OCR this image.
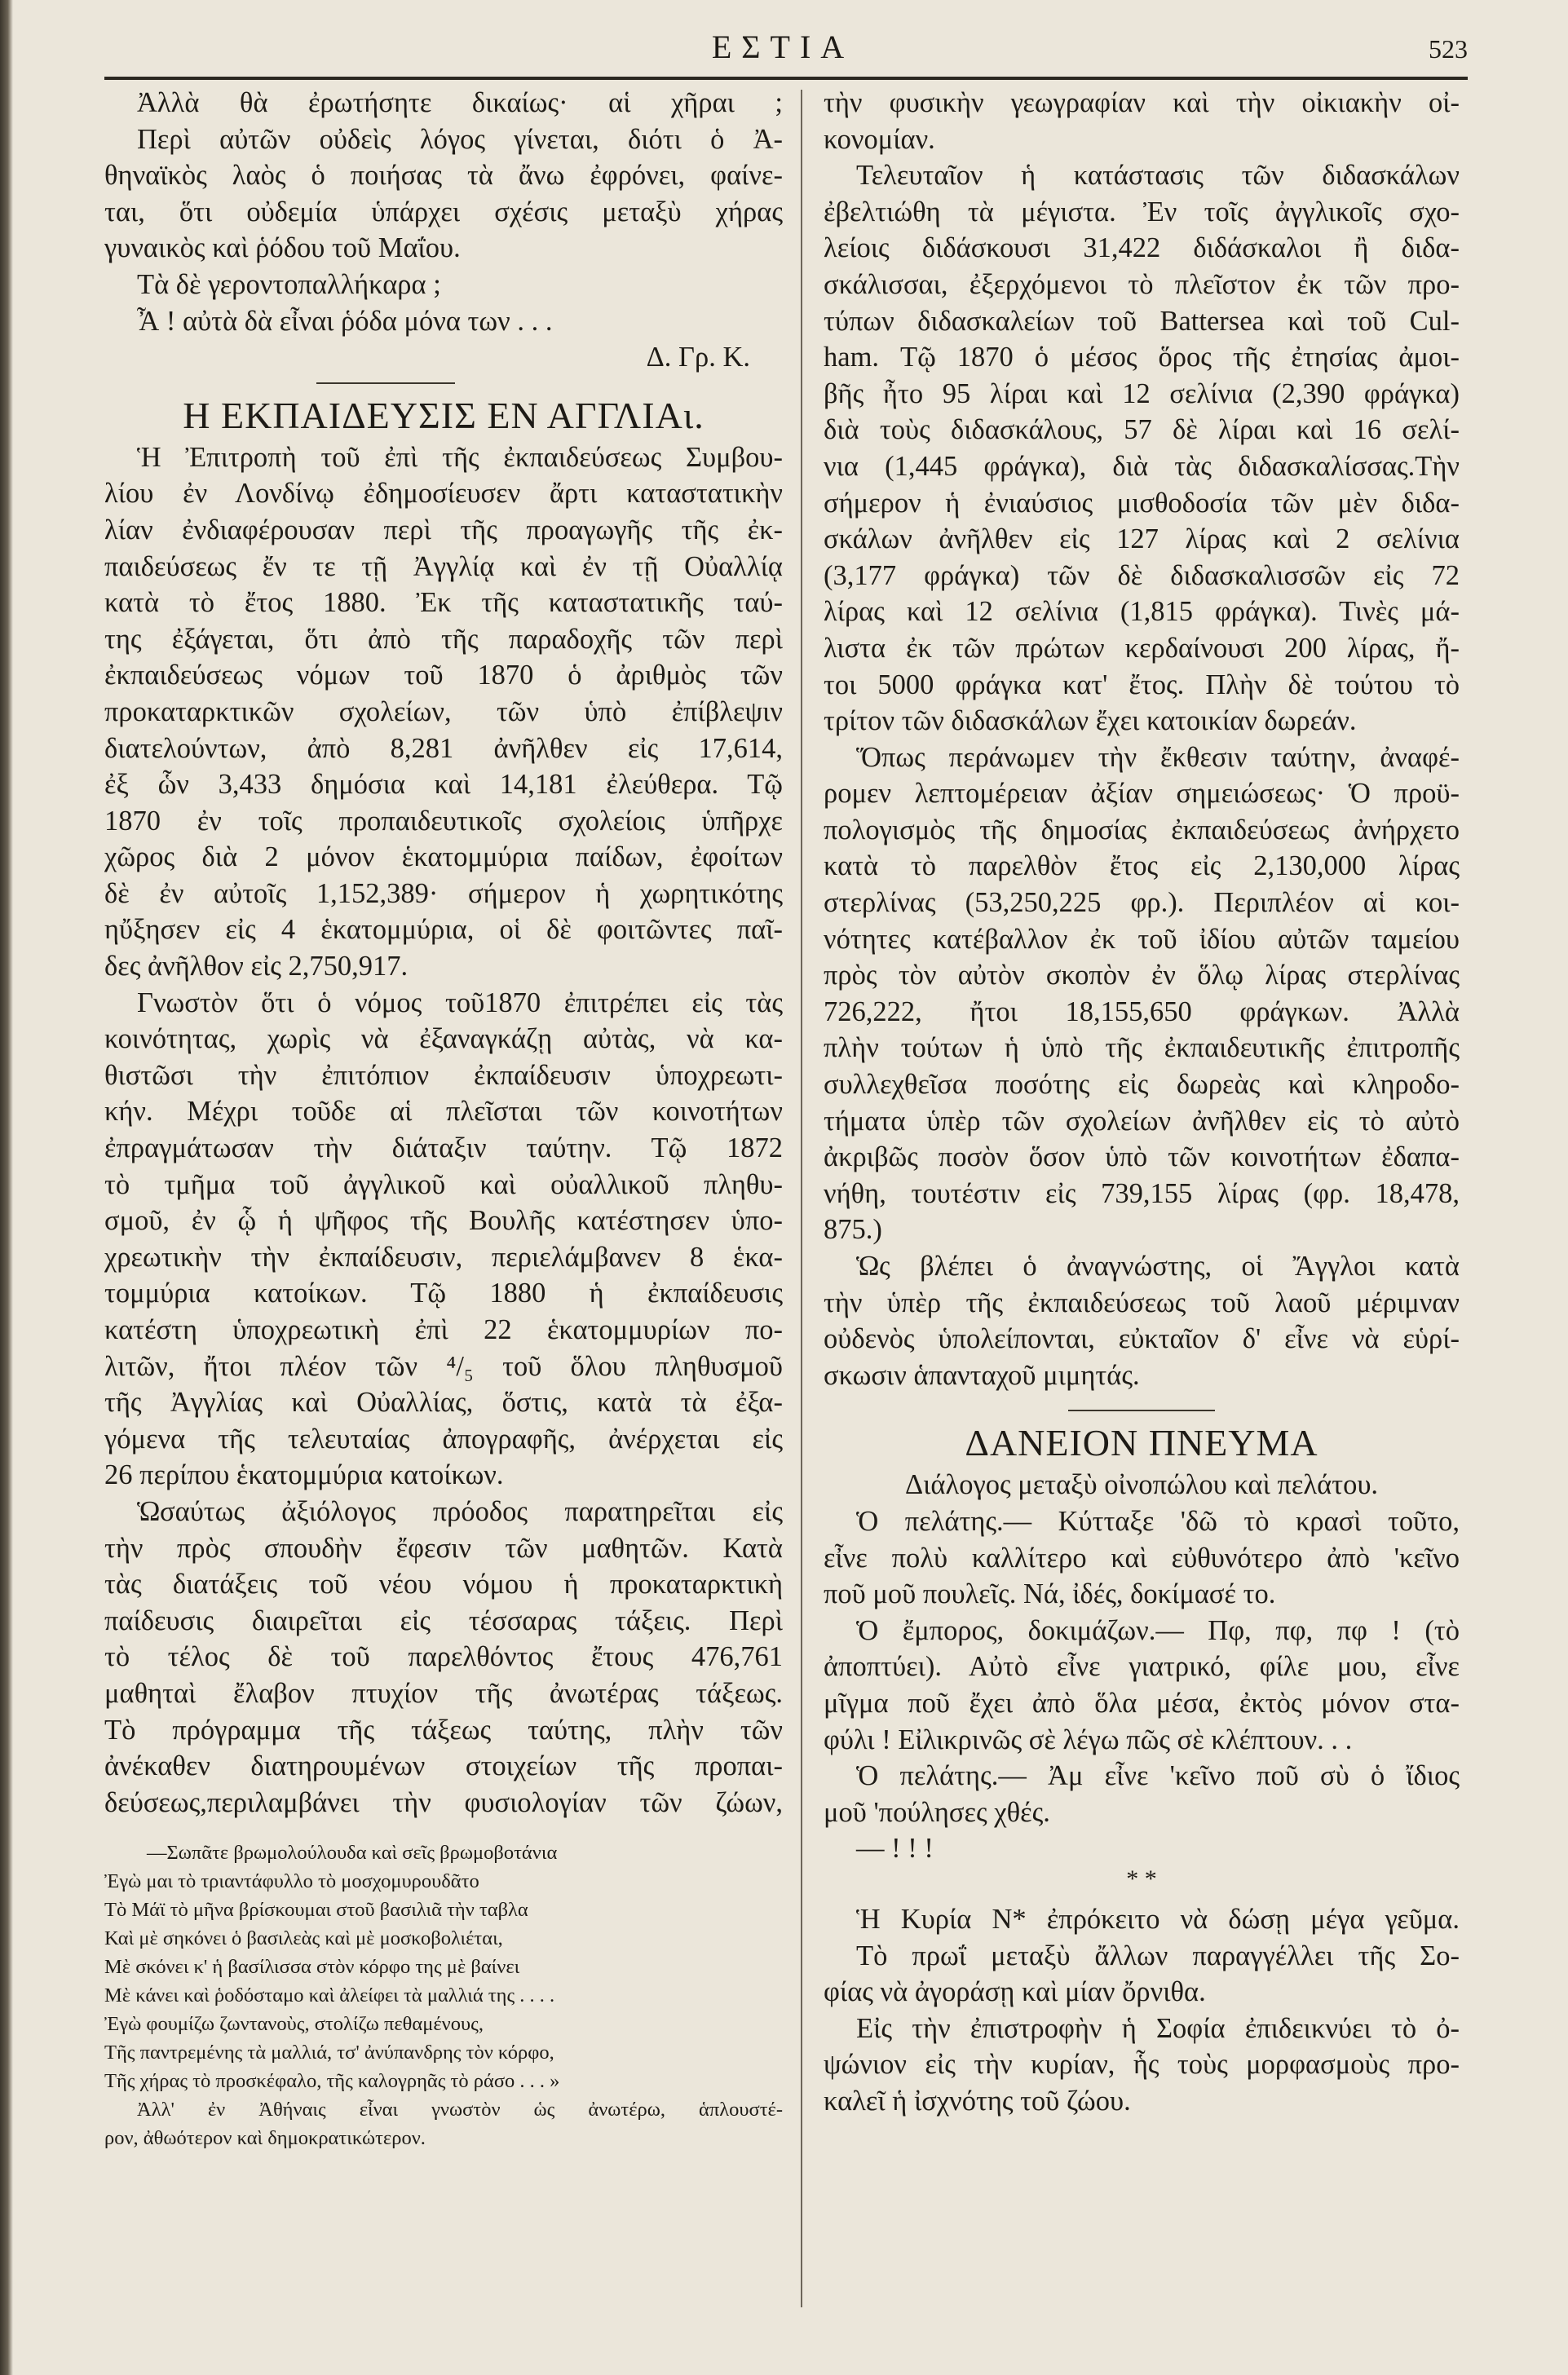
ΕΣΤΙΑ	523
Ἀλλὰ θὰ ἐρωτήσητε δικαίως· αἱ χῆραι ;
Περὶ αὐτῶν οὐδεὶς λόγος γίνεται, διότι ὁ Ἀ-
θηναϊκὸς λαὸς ὁ ποιήσας τὰ ἄνω ἐφρόνει, φαίνε-
ται, ὅτι οὐδεμία ὑπάρχει σχέσις μεταξὺ χήρας
γυναικὸς καὶ ῥόδου τοῦ Μαΐου.
Τὰ δὲ γεροντοπαλλήκαρα ;
Ἆ ! αὐτὰ δὰ εἶναι ῥόδα μόνα των . . .
Δ. Γρ. Κ.
Η ΕΚΠΑΙΔΕΥΣΙΣ ΕΝ ΑΓΓΛΙΑι.
Ἡ Ἐπιτροπὴ τοῦ ἐπὶ τῆς ἐκπαιδεύσεως Συμβου-
λίου ἐν Λονδίνῳ ἐδημοσίευσεν ἄρτι καταστατικὴν
λίαν ἐνδιαφέρουσαν περὶ τῆς προαγωγῆς τῆς ἐκ-
παιδεύσεως ἔν τε τῇ Ἀγγλίᾳ καὶ ἐν τῇ Οὐαλλίᾳ
κατὰ τὸ ἔτος 1880. Ἐκ τῆς καταστατικῆς ταύ-
της ἐξάγεται, ὅτι ἀπὸ τῆς παραδοχῆς τῶν περὶ
ἐκπαιδεύσεως νόμων τοῦ 1870 ὁ ἀριθμὸς τῶν
προκαταρκτικῶν σχολείων, τῶν ὑπὸ ἐπίβλεψιν
διατελούντων, ἀπὸ 8,281 ἀνῆλθεν εἰς 17,614,
ἐξ ὧν 3,433 δημόσια καὶ 14,181 ἐλεύθερα. Τῷ
1870 ἐν τοῖς προπαιδευτικοῖς σχολείοις ὑπῆρχε
χῶρος διὰ 2 μόνον ἑκατομμύρια παίδων, ἐφοίτων
δὲ ἐν αὐτοῖς 1,152,389· σήμερον ἡ χωρητικότης
ηὔξησεν εἰς 4 ἑκατομμύρια, οἱ δὲ φοιτῶντες παῖ-
δες ἀνῆλθον εἰς 2,750,917.
Γνωστὸν ὅτι ὁ νόμος τοῦ1870 ἐπιτρέπει εἰς τὰς
κοινότητας, χωρὶς νὰ ἐξαναγκάζῃ αὐτὰς, νὰ κα-
θιστῶσι τὴν ἐπιτόπιον ἐκπαίδευσιν ὑποχρεωτι-
κήν. Μέχρι τοῦδε αἱ πλεῖσται τῶν κοινοτήτων
ἐπραγμάτωσαν τὴν διάταξιν ταύτην. Τῷ 1872
τὸ τμῆμα τοῦ ἀγγλικοῦ καὶ οὐαλλικοῦ πληθυ-
σμοῦ, ἐν ᾧ ἡ ψῆφος τῆς Βουλῆς κατέστησεν ὑπο-
χρεωτικὴν τὴν ἐκπαίδευσιν, περιελάμβανεν 8 ἑκα-
τομμύρια κατοίκων. Τῷ 1880 ἡ ἐκπαίδευσις
κατέστη ὑποχρεωτικὴ ἐπὶ 22 ἑκατομμυρίων πο-
λιτῶν, ἤτοι πλέον τῶν ⁴/₅ τοῦ ὅλου πληθυσμοῦ
τῆς Ἀγγλίας καὶ Οὐαλλίας, ὅστις, κατὰ τὰ ἐξα-
γόμενα τῆς τελευταίας ἀπογραφῆς, ἀνέρχεται εἰς
26 περίπου ἑκατομμύρια κατοίκων.
Ὡσαύτως ἀξιόλογος πρόοδος παρατηρεῖται εἰς
τὴν πρὸς σπουδὴν ἔφεσιν τῶν μαθητῶν. Κατὰ
τὰς διατάξεις τοῦ νέου νόμου ἡ προκαταρκτικὴ
παίδευσις διαιρεῖται εἰς τέσσαρας τάξεις. Περὶ
τὸ τέλος δὲ τοῦ παρελθόντος ἔτους 476,761
μαθηταὶ ἔλαβον πτυχίον τῆς ἀνωτέρας τάξεως.
Τὸ πρόγραμμα τῆς τάξεως ταύτης, πλὴν τῶν
ἀνέκαθεν διατηρουμένων στοιχείων τῆς προπαι-
δεύσεως,περιλαμβάνει τὴν φυσιολογίαν τῶν ζώων,
—Σωπᾶτε βρωμολούλουδα καὶ σεῖς βρωμοβοτάνια
Ἐγὼ μαι τὸ τριαντάφυλλο τὸ μοσχομυρουδᾶτο
Τὸ Μάϊ τὸ μῆνα βρίσκουμαι στοῦ βασιλιᾶ τὴν ταβλα
Καὶ μὲ σηκόνει ὁ βασιλεὰς καὶ μὲ μοσκοβολιέται,
Μὲ σκόνει κ' ἡ βασίλισσα στὸν κόρφο της μὲ βαίνει
Μὲ κάνει καὶ ῥοδόσταμο καὶ ἀλείφει τὰ μαλλιά της . . . .
Ἐγὼ φουμίζω ζωντανοὺς, στολίζω πεθαμένους,
Τῆς παντρεμένης τὰ μαλλιά, τσ' ἀνύπανδρης τὸν κόρφο,
Τῆς χήρας τὸ προσκέφαλο, τῆς καλογρηᾶς τὸ ράσο . . . »
Ἀλλ' ἐν Ἀθήναις εἶναι γνωστὸν ὡς ἀνωτέρω, ἁπλουστέ-
ρον, ἀθωότερον καὶ δημοκρατικώτερον.
τὴν φυσικὴν γεωγραφίαν καὶ τὴν οἰκιακὴν οἰ-
κονομίαν.
Τελευταῖον ἡ κατάστασις τῶν διδασκάλων
ἐβελτιώθη τὰ μέγιστα. Ἐν τοῖς ἀγγλικοῖς σχο-
λείοις διδάσκουσι 31,422 διδάσκαλοι ἢ διδα-
σκάλισσαι, ἐξερχόμενοι τὸ πλεῖστον ἐκ τῶν προ-
τύπων διδασκαλείων τοῦ Battersea καὶ τοῦ Cul-
ham. Τῷ 1870 ὁ μέσος ὅρος τῆς ἐτησίας ἀμοι-
βῆς ἦτο 95 λίραι καὶ 12 σελίνια (2,390 φράγκα)
διὰ τοὺς διδασκάλους, 57 δὲ λίραι καὶ 16 σελί-
νια (1,445 φράγκα), διὰ τὰς διδασκαλίσσας.Τὴν
σήμερον ἡ ἐνιαύσιος μισθοδοσία τῶν μὲν διδα-
σκάλων ἀνῆλθεν εἰς 127 λίρας καὶ 2 σελίνια
(3,177 φράγκα) τῶν δὲ διδασκαλισσῶν εἰς 72
λίρας καὶ 12 σελίνια (1,815 φράγκα). Τινὲς μά-
λιστα ἐκ τῶν πρώτων κερδαίνουσι 200 λίρας, ἤ-
τοι 5000 φράγκα κατ' ἔτος. Πλὴν δὲ τούτου τὸ
τρίτον τῶν διδασκάλων ἔχει κατοικίαν δωρεάν.
Ὅπως περάνωμεν τὴν ἔκθεσιν ταύτην, ἀναφέ-
ρομεν λεπτομέρειαν ἀξίαν σημειώσεως· Ὁ προϋ-
πολογισμὸς τῆς δημοσίας ἐκπαιδεύσεως ἀνήρχετο
κατὰ τὸ παρελθὸν ἔτος εἰς 2,130,000 λίρας
στερλίνας (53,250,225 φρ.). Περιπλέον αἱ κοι-
νότητες κατέβαλλον ἐκ τοῦ ἰδίου αὐτῶν ταμείου
πρὸς τὸν αὐτὸν σκοπὸν ἐν ὅλῳ λίρας στερλίνας
726,222, ἤτοι 18,155,650 φράγκων. Ἀλλὰ
πλὴν τούτων ἡ ὑπὸ τῆς ἐκπαιδευτικῆς ἐπιτροπῆς
συλλεχθεῖσα ποσότης εἰς δωρεὰς καὶ κληροδο-
τήματα ὑπὲρ τῶν σχολείων ἀνῆλθεν εἰς τὸ αὐτὸ
ἀκριβῶς ποσὸν ὅσον ὑπὸ τῶν κοινοτήτων ἐδαπα-
νήθη, τουτέστιν εἰς 739,155 λίρας (φρ. 18,478,
875.)
Ὡς βλέπει ὁ ἀναγνώστης, οἱ Ἄγγλοι κατὰ
τὴν ὑπὲρ τῆς ἐκπαιδεύσεως τοῦ λαοῦ μέριμναν
οὐδενὸς ὑπολείπονται, εὐκταῖον δ' εἶνε νὰ εὑρί-
σκωσιν ἁπανταχοῦ μιμητάς.
ΔΑΝΕΙΟΝ ΠΝΕΥΜΑ
Διάλογος μεταξὺ οἰνοπώλου καὶ πελάτου.
Ὁ πελάτης.— Κύτταξε 'δῶ τὸ κρασὶ τοῦτο,
εἶνε πολὺ καλλίτερο καὶ εὐθυνότερο ἀπὸ 'κεῖνο
ποῦ μοῦ πουλεῖς. Νά, ἰδές, δοκίμασέ το.
Ὁ ἔμπορος, δοκιμάζων.— Πφ, πφ, πφ ! (τὸ
ἀποπτύει). Αὐτὸ εἶνε γιατρικό, φίλε μου, εἶνε
μῖγμα ποῦ ἔχει ἀπὸ ὅλα μέσα, ἐκτὸς μόνον στα-
φύλι ! Εἰλικρινῶς σὲ λέγω πῶς σὲ κλέπτουν. . .
Ὁ πελάτης.— Ἀμ εἶνε 'κεῖνο ποῦ σὺ ὁ ἴδιος
μοῦ 'πούλησες χθές.
— ! ! !
* *
Ἡ Κυρία Ν* ἐπρόκειτο νὰ δώσῃ μέγα γεῦμα.
Τὸ πρωΐ μεταξὺ ἄλλων παραγγέλλει τῆς Σο-
φίας νὰ ἀγοράσῃ καὶ μίαν ὄρνιθα.
Εἰς τὴν ἐπιστροφὴν ἡ Σοφία ἐπιδεικνύει τὸ ὀ-
ψώνιον εἰς τὴν κυρίαν, ἧς τοὺς μορφασμοὺς προ-
καλεῖ ἡ ἰσχνότης τοῦ ζώου.
